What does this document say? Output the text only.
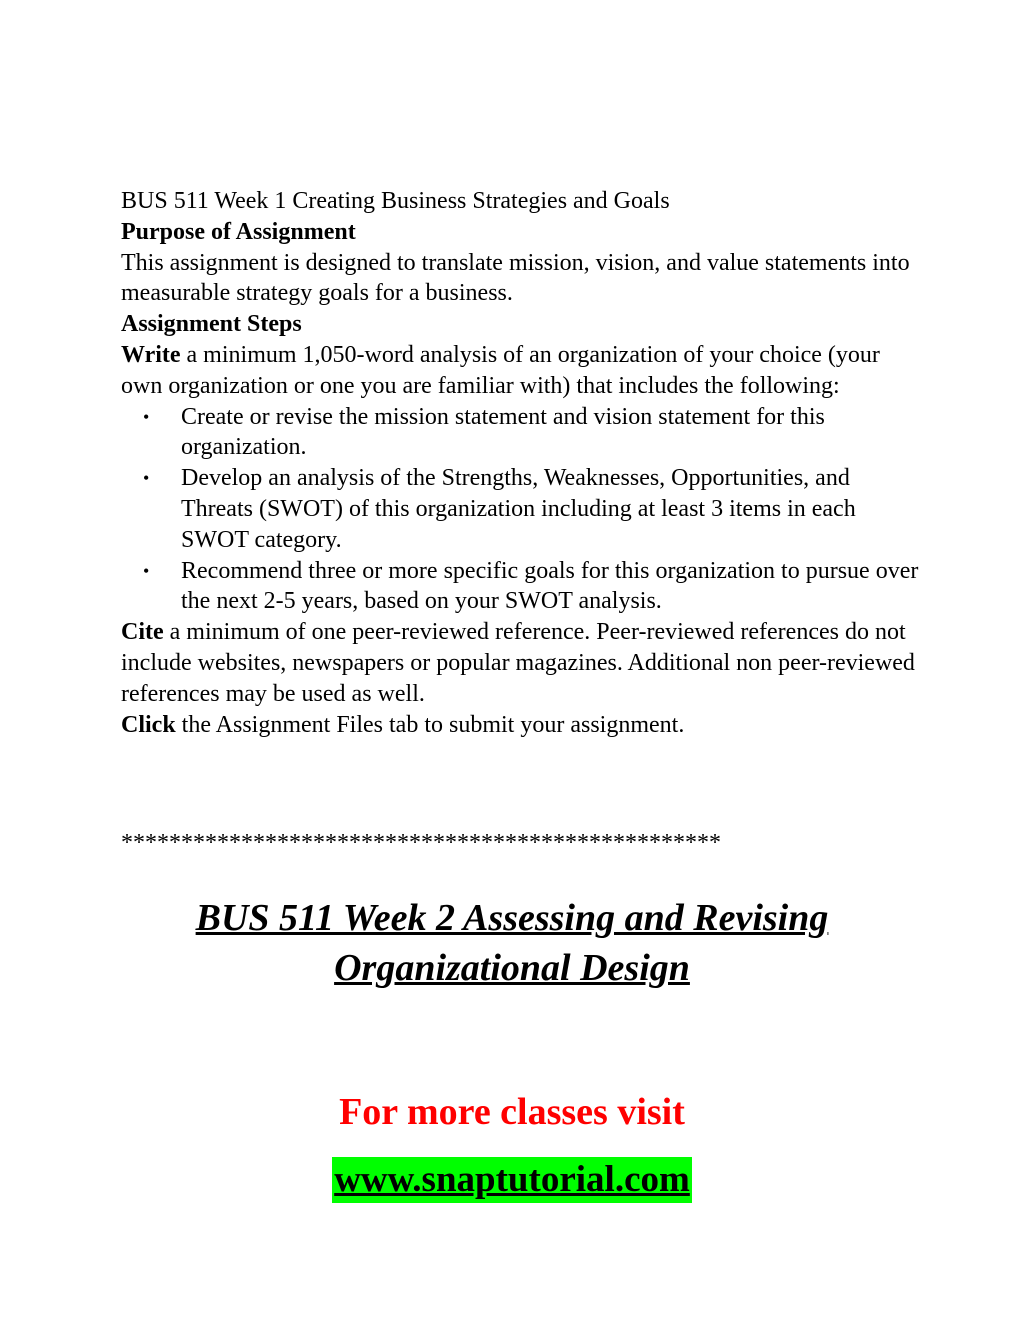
BUS 511 Week 1 Creating Business Strategies and Goals

Purpose of Assignment

This assignment is designed to translate mission, vision, and value statements into measurable strategy goals for a business.

Assignment Steps

Write a minimum 1,050-word analysis of an organization of your choice (your own organization or one you are familiar with) that includes the following:

• Create or revise the mission statement and vision statement for this organization.
• Develop an analysis of the Strengths, Weaknesses, Opportunities, and Threats (SWOT) of this organization including at least 3 items in each SWOT category.
• Recommend three or more specific goals for this organization to pursue over the next 2-5 years, based on your SWOT analysis.

Cite a minimum of one peer-reviewed reference. Peer-reviewed references do not include websites, newspapers or popular magazines. Additional non peer-reviewed references may be used as well.

Click the Assignment Files tab to submit your assignment.

**************************************************
BUS 511 Week 2 Assessing and Revising
Organizational Design
For more classes visit
www.snaptutorial.com
